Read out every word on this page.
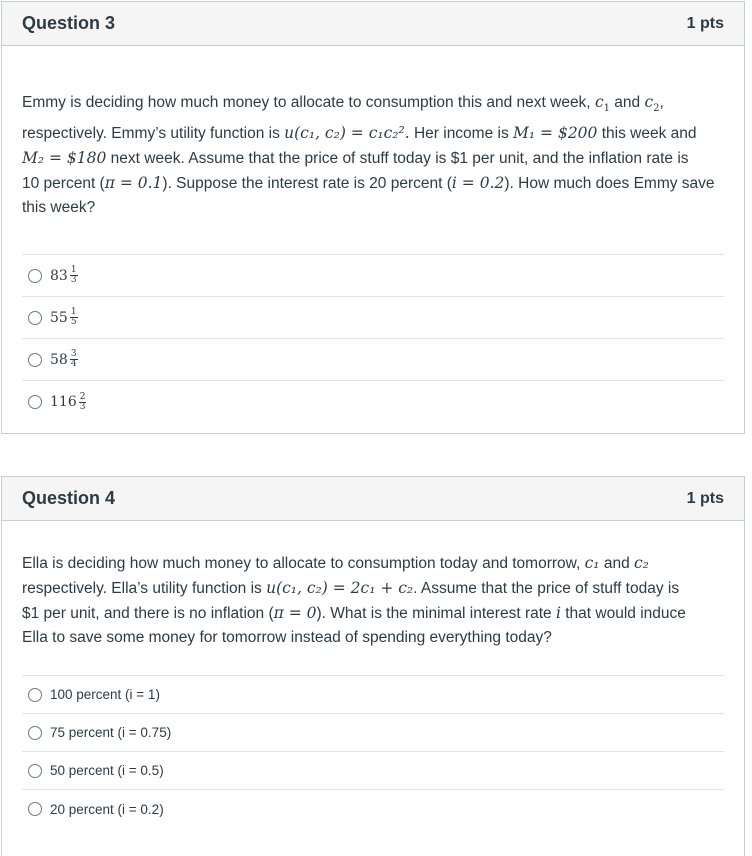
Question 3	1 pts

Emmy is deciding how much money to allocate to consumption this and next week, $c_1$ and $c_2$,
respectively. Emmy’s utility function is u(c₁, c₂) = c₁c₂². Her income is M₁ = $200 this week and
M₂ = $180 next week. Assume that the price of stuff today is $1 per unit, and the inflation rate is
10 percent (π = 0.1). Suppose the interest rate is 20 percent (i = 0.2). How much does Emmy save
this week?

$83 \frac{1}{3}$
$55 \frac{1}{5}$
$58 \frac{3}{4}$
$116 \frac{2}{3}$
Question 4	1 pts

Ella is deciding how much money to allocate to consumption today and tomorrow, c₁ and c₂
respectively. Ella’s utility function is u(c₁, c₂) = 2c₁ + c₂. Assume that the price of stuff today is
$1 per unit, and there is no inflation (π = 0). What is the minimal interest rate i that would induce
Ella to save some money for tomorrow instead of spending everything today?

100 percent (i = 1)
75 percent (i = 0.75)
50 percent (i = 0.5)
20 percent (i = 0.2)
